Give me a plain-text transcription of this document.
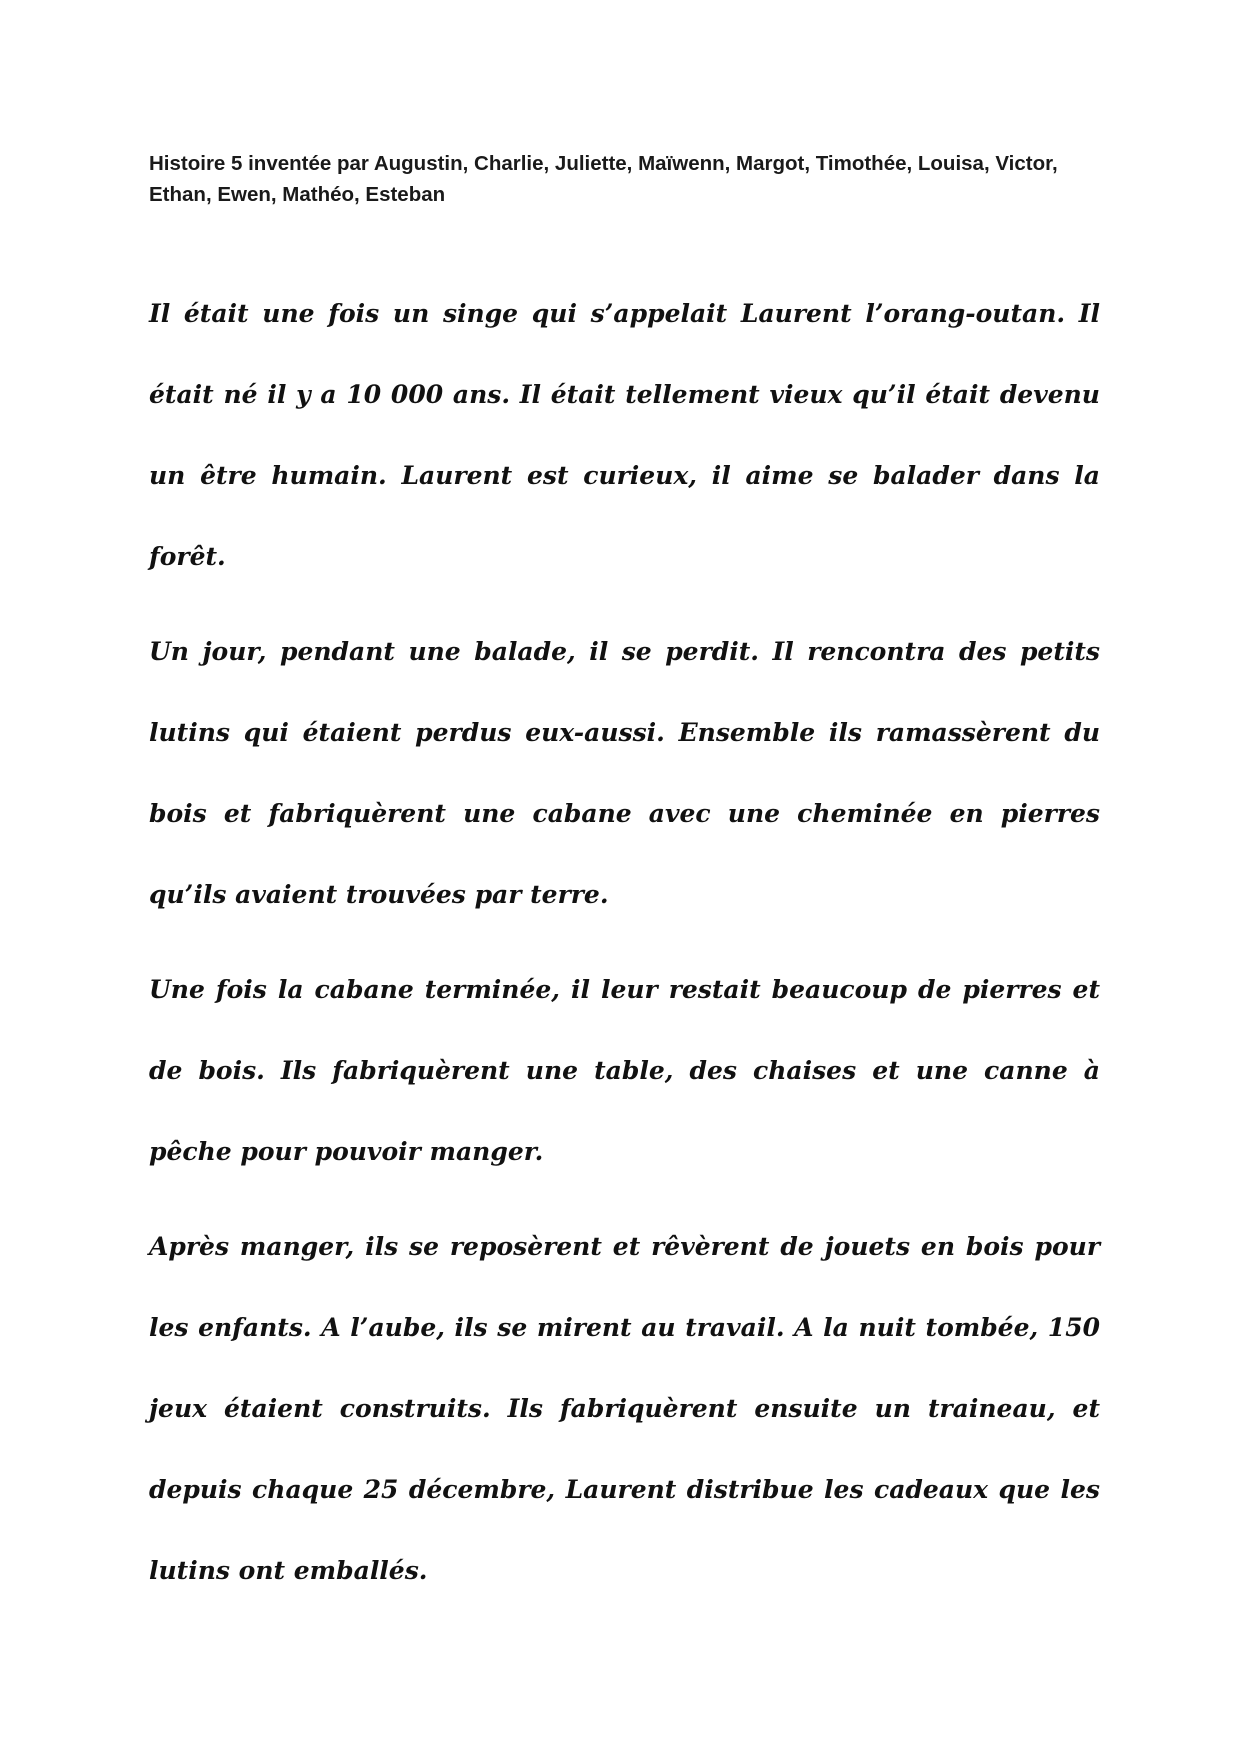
Histoire 5 inventée par Augustin, Charlie, Juliette, Maïwenn, Margot, Timothée, Louisa, Victor, Ethan, Ewen, Mathéo, Esteban

Il était une fois un singe qui s’appelait Laurent l’orang-outan. Il était né il y a 10 000 ans. Il était tellement vieux qu’il était devenu un être humain. Laurent est curieux, il aime se balader dans la forêt.

Un jour, pendant une balade, il se perdit. Il rencontra des petits lutins qui étaient perdus eux-aussi. Ensemble ils ramassèrent du bois et fabriquèrent une cabane avec une cheminée en pierres qu’ils avaient trouvées par terre.

Une fois la cabane terminée, il leur restait beaucoup de pierres et de bois. Ils fabriquèrent une table, des chaises et une canne à pêche pour pouvoir manger.

Après manger, ils se reposèrent et rêvèrent de jouets en bois pour les enfants. A l’aube, ils se mirent au travail. A la nuit tombée, 150 jeux étaient construits. Ils fabriquèrent ensuite un traineau, et depuis chaque 25 décembre, Laurent distribue les cadeaux que les lutins ont emballés.
